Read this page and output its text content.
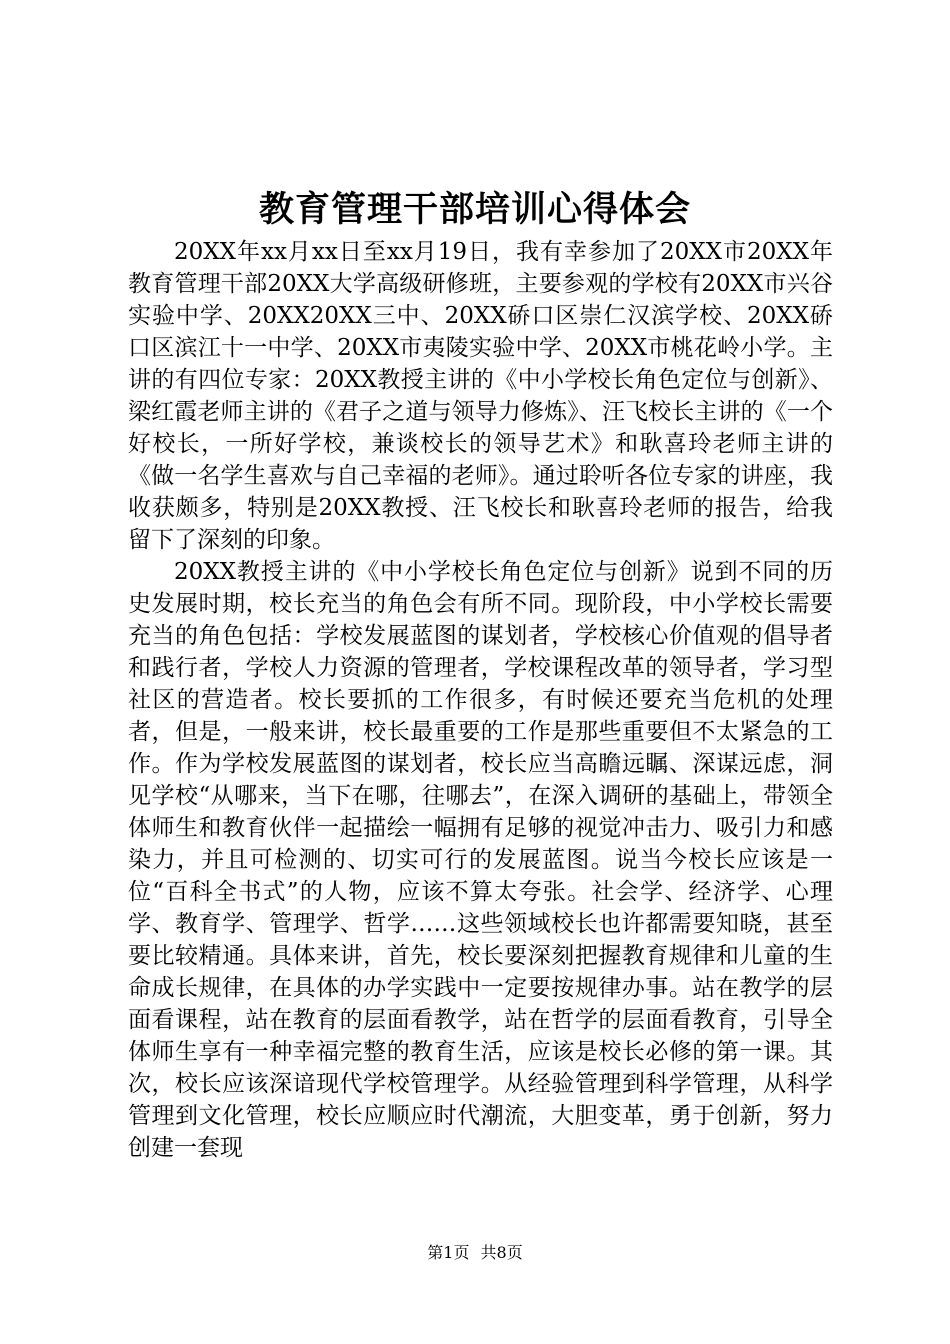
教育管理干部培训心得体会

20XX年xx月xx日至xx月19日，我有幸参加了20XX市20XX年教育管理干部20XX大学高级研修班，主要参观的学校有20XX市兴谷实验中学、20XX20XX三中、20XX硚口区崇仁汉滨学校、20XX硚口区滨江十一中学、20XX市夷陵实验中学、20XX市桃花岭小学。主讲的有四位专家：20XX教授主讲的《中小学校长角色定位与创新》、梁红霞老师主讲的《君子之道与领导力修炼》、汪飞校长主讲的《一个好校长，一所好学校，兼谈校长的领导艺术》和耿喜玲老师主讲的《做一名学生喜欢与自己幸福的老师》。通过聆听各位专家的讲座，我收获颇多，特别是20XX教授、汪飞校长和耿喜玲老师的报告，给我留下了深刻的印象。

20XX教授主讲的《中小学校长角色定位与创新》说到不同的历史发展时期，校长充当的角色会有所不同。现阶段，中小学校长需要充当的角色包括：学校发展蓝图的谋划者，学校核心价值观的倡导者和践行者，学校人力资源的管理者，学校课程改革的领导者，学习型社区的营造者。校长要抓的工作很多，有时候还要充当危机的处理者，但是，一般来讲，校长最重要的工作是那些重要但不太紧急的工作。作为学校发展蓝图的谋划者，校长应当高瞻远瞩、深谋远虑，洞见学校“从哪来，当下在哪，往哪去”，在深入调研的基础上，带领全体师生和教育伙伴一起描绘一幅拥有足够的视觉冲击力、吸引力和感染力，并且可检测的、切实可行的发展蓝图。说当今校长应该是一位“百科全书式”的人物，应该不算太夸张。社会学、经济学、心理学、教育学、管理学、哲学……这些领域校长也许都需要知晓，甚至要比较精通。具体来讲，首先，校长要深刻把握教育规律和儿童的生命成长规律，在具体的办学实践中一定要按规律办事。站在教学的层面看课程，站在教育的层面看教学，站在哲学的层面看教育，引导全体师生享有一种幸福完整的教育生活，应该是校长必修的第一课。其次，校长应该深谙现代学校管理学。从经验管理到科学管理，从科学管理到文化管理，校长应顺应时代潮流，大胆变革，勇于创新，努力创建一套现

第1页 共8页
